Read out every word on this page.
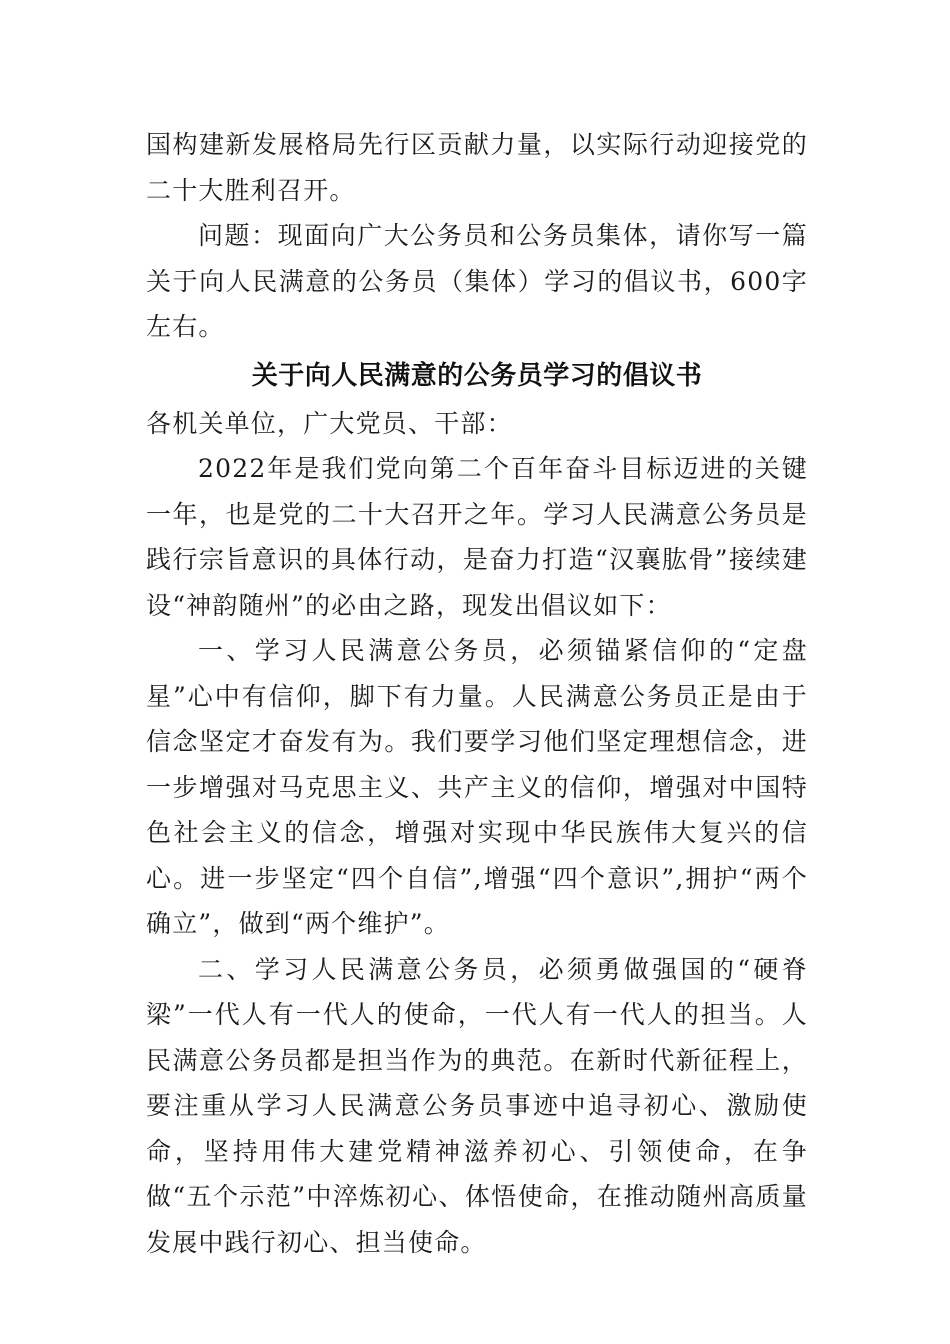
国构建新发展格局先行区贡献力量，以实际行动迎接党的二十大胜利召开。

问题：现面向广大公务员和公务员集体，请你写一篇关于向人民满意的公务员（集体）学习的倡议书，600字左右。

关于向人民满意的公务员学习的倡议书

各机关单位，广大党员、干部：

2022年是我们党向第二个百年奋斗目标迈进的关键一年，也是党的二十大召开之年。学习人民满意公务员是践行宗旨意识的具体行动，是奋力打造“汉襄肱骨”接续建设“神韵随州”的必由之路，现发出倡议如下：

一、学习人民满意公务员，必须锚紧信仰的“定盘星”心中有信仰，脚下有力量。人民满意公务员正是由于信念坚定才奋发有为。我们要学习他们坚定理想信念，进一步增强对马克思主义、共产主义的信仰，增强对中国特色社会主义的信念，增强对实现中华民族伟大复兴的信心。进一步坚定“四个自信”,增强“四个意识”,拥护“两个确立”，做到“两个维护”。

二、学习人民满意公务员，必须勇做强国的“硬脊梁”一代人有一代人的使命，一代人有一代人的担当。人民满意公务员都是担当作为的典范。在新时代新征程上，要注重从学习人民满意公务员事迹中追寻初心、激励使命，坚持用伟大建党精神滋养初心、引领使命，在争做“五个示范”中淬炼初心、体悟使命，在推动随州高质量发展中践行初心、担当使命。
